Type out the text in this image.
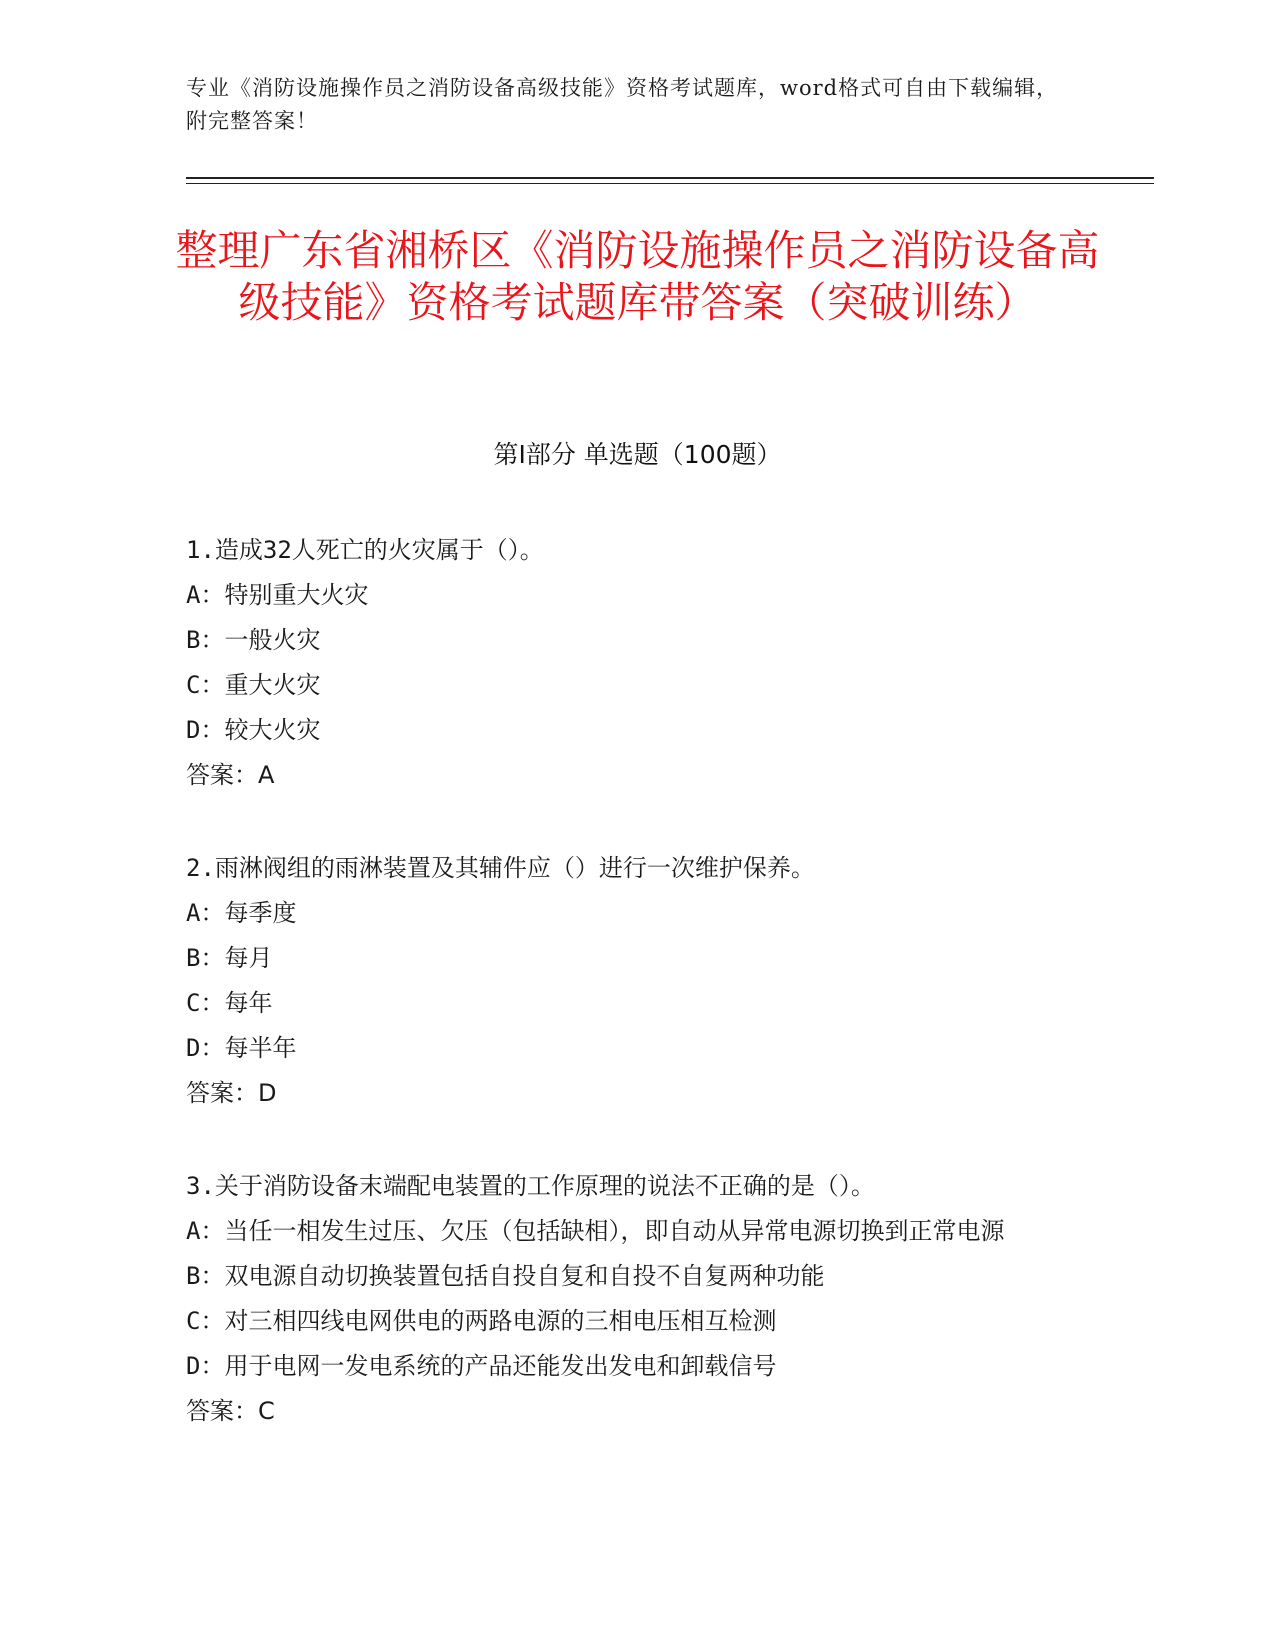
专业《消防设施操作员之消防设备高级技能》资格考试题库，word格式可自由下载编辑，附完整答案！
整理广东省湘桥区《消防设施操作员之消防设备高级技能》资格考试题库带答案（突破训练）
第Ⅰ部分 单选题（100题）
1.造成32人死亡的火灾属于（）。
A：特别重大火灾
B：一般火灾
C：重大火灾
D：较大火灾
答案：A
2.雨淋阀组的雨淋装置及其辅件应（）进行一次维护保养。
A：每季度
B：每月
C：每年
D：每半年
答案：D
3.关于消防设备末端配电装置的工作原理的说法不正确的是（）。
A：当任一相发生过压、欠压（包括缺相），即自动从异常电源切换到正常电源
B：双电源自动切换装置包括自投自复和自投不自复两种功能
C：对三相四线电网供电的两路电源的三相电压相互检测
D：用于电网一发电系统的产品还能发出发电和卸载信号
答案：C
